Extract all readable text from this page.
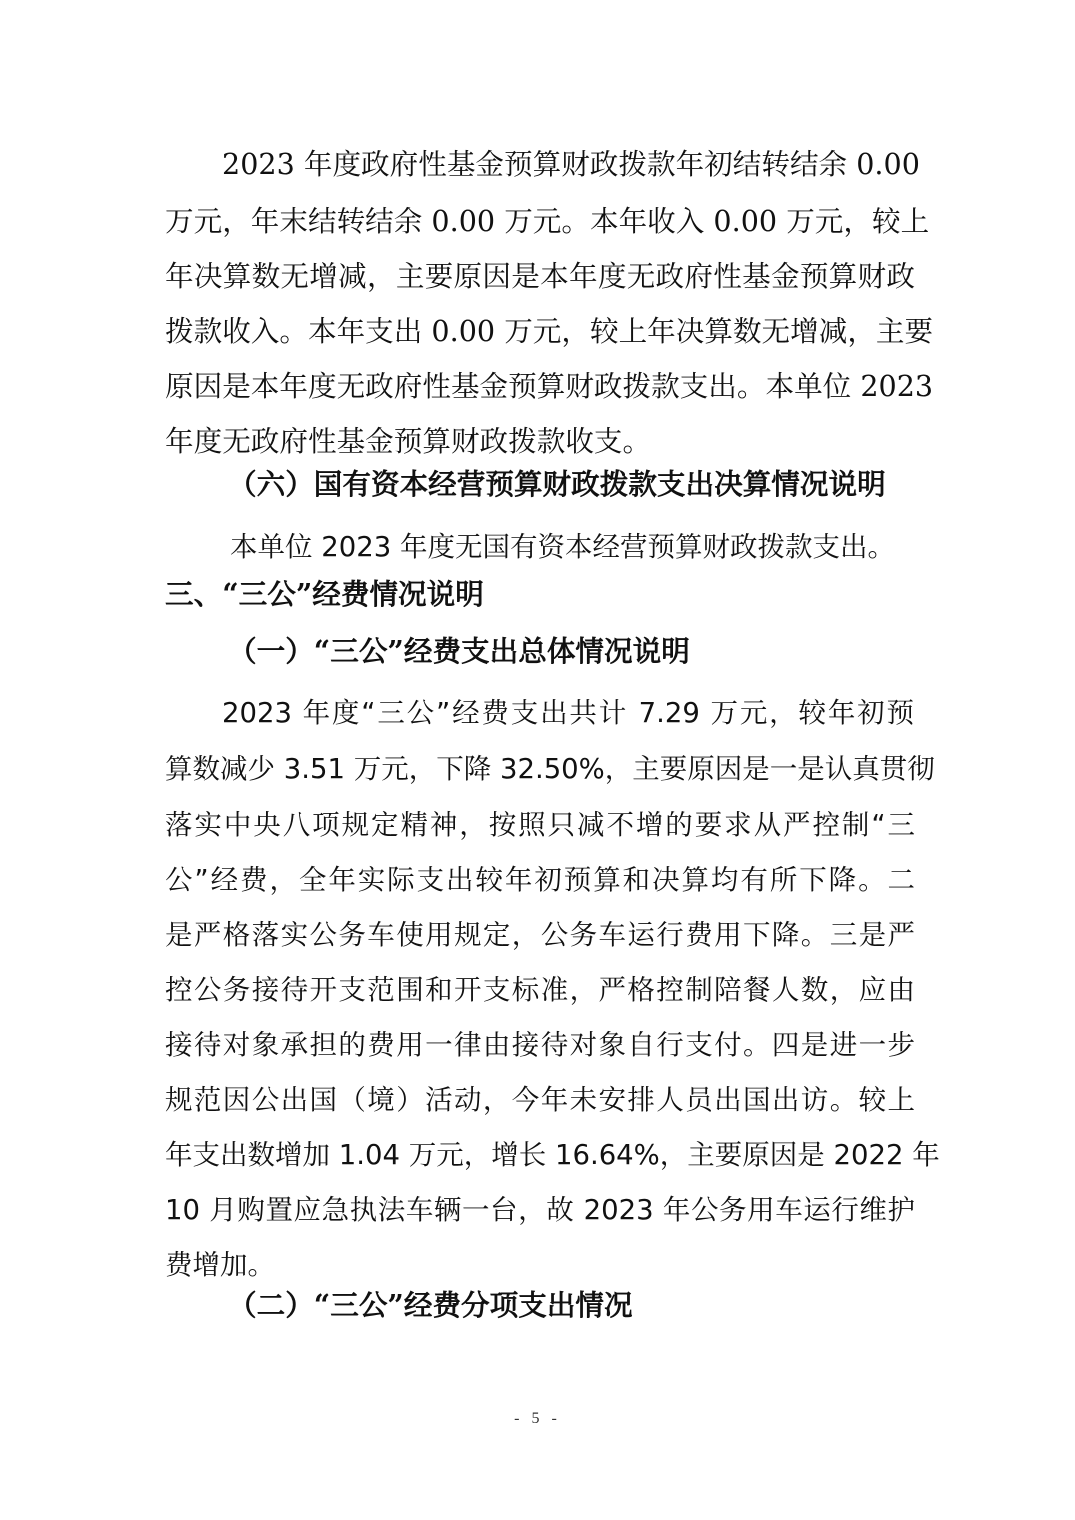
2023 年度政府性基金预算财政拨款年初结转结余 0.00
万元，年末结转结余 0.00 万元。本年收入 0.00 万元，较上
年决算数无增减，主要原因是本年度无政府性基金预算财政
拨款收入。本年支出 0.00 万元，较上年决算数无增减，主要
原因是本年度无政府性基金预算财政拨款支出。本单位 2023
年度无政府性基金预算财政拨款收支。
（六）国有资本经营预算财政拨款支出决算情况说明
本单位 2023 年度无国有资本经营预算财政拨款支出。
三、“三公”经费情况说明
（一）“三公”经费支出总体情况说明
2023 年度“三公”经费支出共计 7.29 万元，较年初预
算数减少 3.51 万元，下降 32.50%，主要原因是一是认真贯彻
落实中央八项规定精神，按照只减不增的要求从严控制“三
公”经费，全年实际支出较年初预算和决算均有所下降。二
是严格落实公务车使用规定，公务车运行费用下降。三是严
控公务接待开支范围和开支标准，严格控制陪餐人数，应由
接待对象承担的费用一律由接待对象自行支付。四是进一步
规范因公出国（境）活动，今年未安排人员出国出访。较上
年支出数增加 1.04 万元，增长 16.64%，主要原因是 2022 年
10 月购置应急执法车辆一台，故 2023 年公务用车运行维护
费增加。
（二）“三公”经费分项支出情况
- 5 -
